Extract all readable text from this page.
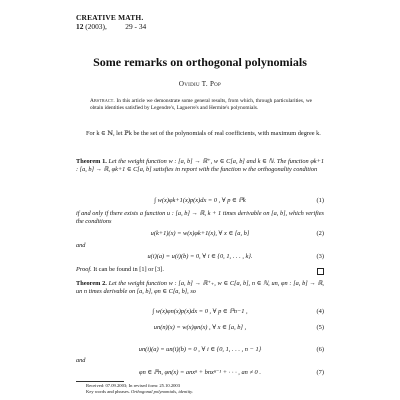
CREATIVE MATH.
12 (2003), 29 - 34
Some remarks on orthogonal polynomials
Ovidiu T. Pop
Abstract. In this article we demonstrate some general results, from which, through particularities, we obtain identities satisfied by Legendre's, Laguerre's and Hermite's polynomials.
For k ∈ ℕ, let ℙk be the set of the polynomials of real coefficients, with maximum degree k.
Theorem 1. Let the weight function w : [a, b] → ℝ⁺, w ∈ C[a, b] and k ∈ ℕ. The function φk+1 : [a, b] → ℝ, φk+1 ∈ C[a, b] satisfies in report with the function w the orthogonality condition
∫ w(x)φk+1(x)p(x)dx = 0 , ∀ p ∈ ℙk	(1)
if and only if there exists a function u : [a, b] → ℝ, k + 1 times derivable on [a, b], which verifies the conditions
u(k+1)(x) = w(x)φk+1(x), ∀ x ∈ [a, b]	(2)
and
u(i)(a) = u(i)(b) = 0, ∀ i ∈ {0, 1, . . . , k}.	(3)
Proof. It can be found in [1] or [3].
Theorem 2. Let the weight function w : [a, b] → ℝ⁺₊, w ∈ C[a, b], n ∈ ℕ, un, φn : [a, b] → ℝ, un n times derivable on [a, b], φn ∈ C[a, b], so
∫ w(x)φn(x)p(x)dx = 0 , ∀ p ∈ ℙn−1 ,	(4)
un(n)(x) = w(x)φn(x) , ∀ x ∈ [a, b] ,	(5)
un(i)(a) = un(i)(b) = 0 , ∀ i ∈ {0, 1, . . . , n − 1}	(6)
and
φn ∈ ℙn, φn(x) = anxⁿ + bnxⁿ⁻¹ + · · · , an ≠ 0 .	(7)
Received: 07.09.2003; In revised form: 25.10.2003
Key words and phrases. Orthogonal polynomials, identity.
